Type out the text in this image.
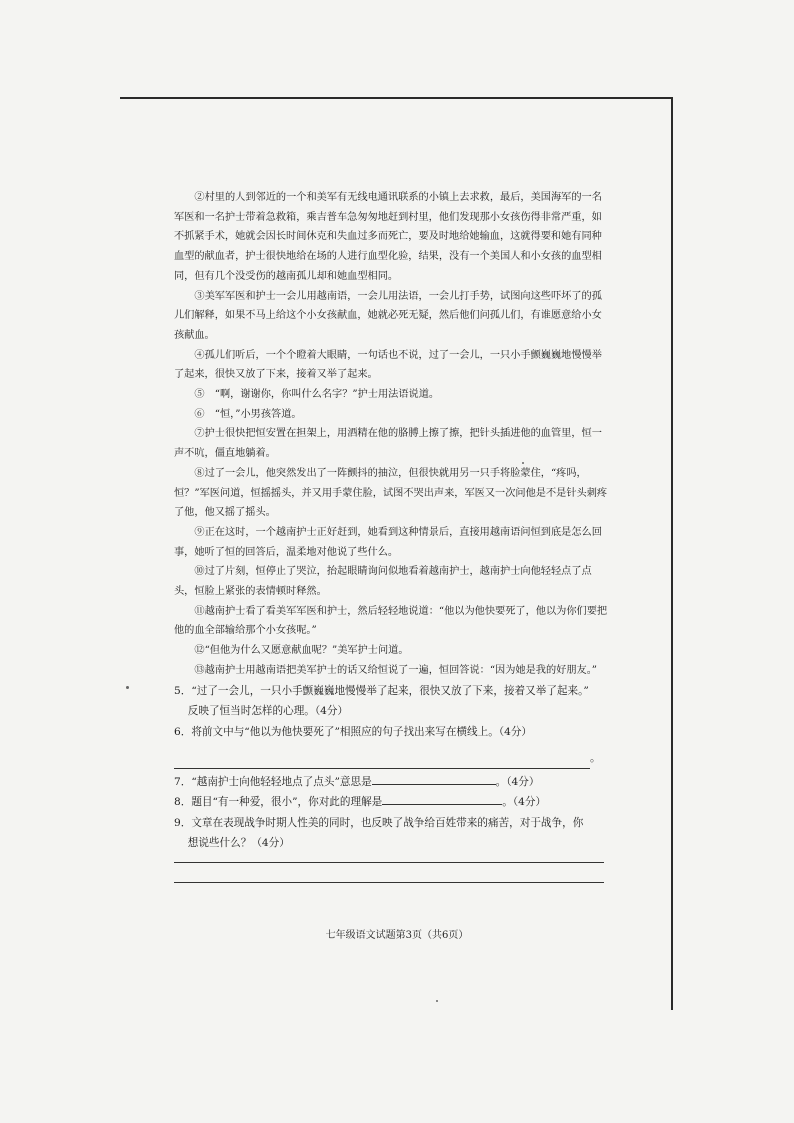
②村里的人到邻近的一个和美军有无线电通讯联系的小镇上去求救，最后，美国海军的一名军医和一名护士带着急救箱，乘吉普车急匆匆地赶到村里，他们发现那小女孩伤得非常严重，如不抓紧手术，她就会因长时间休克和失血过多而死亡，要及时地给她输血，这就得要和她有同种血型的献血者，护士很快地给在场的人进行血型化验，结果，没有一个美国人和小女孩的血型相同，但有几个没受伤的越南孤儿却和她血型相同。

③美军军医和护士一会儿用越南语，一会儿用法语，一会儿打手势，试图向这些吓坏了的孤儿们解释，如果不马上给这个小女孩献血，她就必死无疑，然后他们问孤儿们，有谁愿意给小女孩献血。

④孤儿们听后，一个个瞪着大眼睛，一句话也不说，过了一会儿，一只小手颤巍巍地慢慢举了起来，很快又放了下来，接着又举了起来。

⑤　“啊，谢谢你，你叫什么名字？”护士用法语说道。

⑥　“恒，”小男孩答道。

⑦护士很快把恒安置在担架上，用酒精在他的胳膊上擦了擦，把针头插进他的血管里，恒一声不吭，僵直地躺着。

⑧过了一会儿，他突然发出了一阵颤抖的抽泣，但很快就用另一只手将脸蒙住，“疼吗，恒？”军医问道，恒摇摇头，并又用手蒙住脸，试图不哭出声来，军医又一次问他是不是针头刺疼了他，他又摇了摇头。

⑨正在这时，一个越南护士正好赶到，她看到这种情景后，直接用越南语问恒到底是怎么回事，她听了恒的回答后，温柔地对他说了些什么。

⑩过了片刻，恒停止了哭泣，抬起眼睛询问似地看着越南护士，越南护士向他轻轻点了点头，恒脸上紧张的表情顿时释然。

⑪越南护士看了看美军军医和护士，然后轻轻地说道：“他以为他快要死了，他以为你们要把他的血全部输给那个小女孩呢。”

⑫“但他为什么又愿意献血呢？”美军护士问道。

⑬越南护士用越南语把美军护士的话又给恒说了一遍，恒回答说：“因为她是我的好朋友。”

5．“过了一会儿，一只小手颤巍巍地慢慢举了起来，很快又放了下来，接着又举了起来。”
反映了恒当时怎样的心理。（4分）
6．将前文中与“他以为他快要死了”相照应的句子找出来写在横线上。（4分）
。
7．“越南护士向他轻轻地点了点头”意思是	。（4分）
8．题目“有一种爱，很小”，你对此的理解是	。（4分）
9．文章在表现战争时期人性美的同时，也反映了战争给百姓带来的痛苦，对于战争，你
想说些什么？（4分）
七年级语文试题第3页（共6页）
